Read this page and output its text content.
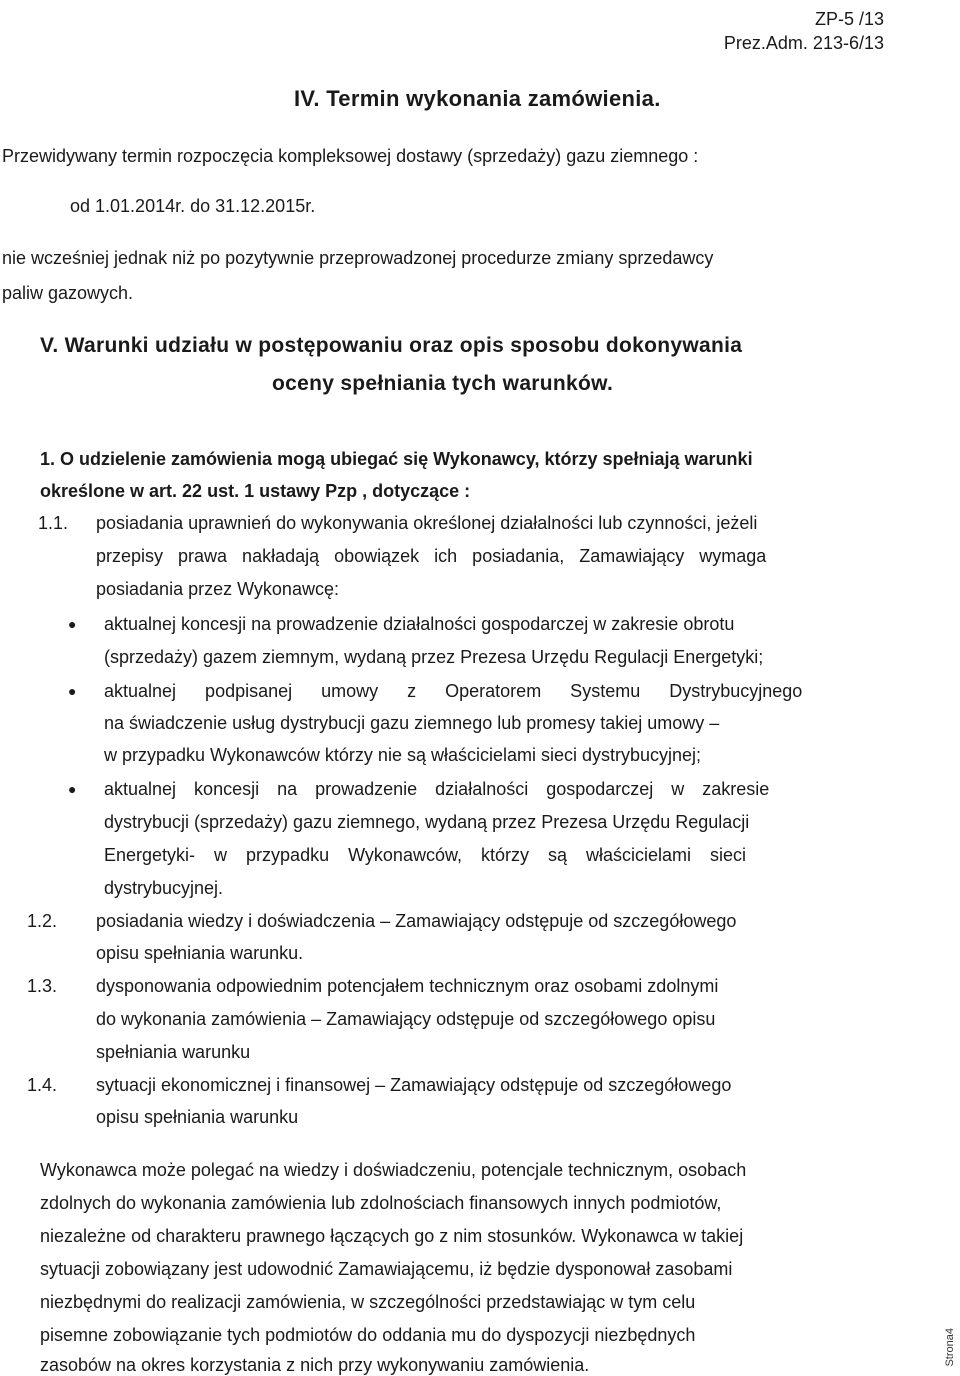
ZP-5 /13
Prez.Adm. 213-6/13
IV. Termin wykonania zamówienia.
Przewidywany termin rozpoczęcia kompleksowej dostawy (sprzedaży) gazu ziemnego :
od 1.01.2014r. do 31.12.2015r.
nie wcześniej jednak niż po pozytywnie przeprowadzonej procedurze zmiany sprzedawcy
paliw gazowych.
V. Warunki udziału w postępowaniu oraz opis sposobu dokonywania
oceny spełniania tych warunków.
1. O udzielenie zamówienia mogą ubiegać się Wykonawcy, którzy spełniają warunki
określone w art. 22 ust. 1 ustawy Pzp , dotyczące :
1.1. posiadania uprawnień do wykonywania określonej działalności lub czynności, jeżeli
przepisy prawa nakładają obowiązek ich posiadania, Zamawiający wymaga
posiadania przez Wykonawcę:
● aktualnej koncesji na prowadzenie działalności gospodarczej w zakresie obrotu
(sprzedaży) gazem ziemnym, wydaną przez Prezesa Urzędu Regulacji Energetyki;
● aktualnej podpisanej umowy z Operatorem Systemu Dystrybucyjnego
na świadczenie usług dystrybucji gazu ziemnego lub promesy takiej umowy –
w przypadku Wykonawców którzy nie są właścicielami sieci dystrybucyjnej;
● aktualnej koncesji na prowadzenie działalności gospodarczej w zakresie
dystrybucji (sprzedaży) gazu ziemnego, wydaną przez Prezesa Urzędu Regulacji
Energetyki- w przypadku Wykonawców, którzy są właścicielami sieci
dystrybucyjnej.
1.2. posiadania wiedzy i doświadczenia – Zamawiający odstępuje od szczegółowego
opisu spełniania warunku.
1.3. dysponowania odpowiednim potencjałem technicznym oraz osobami zdolnymi
do wykonania zamówienia – Zamawiający odstępuje od szczegółowego opisu
spełniania warunku
1.4. sytuacji ekonomicznej i finansowej – Zamawiający odstępuje od szczegółowego
opisu spełniania warunku
Wykonawca może polegać na wiedzy i doświadczeniu, potencjale technicznym, osobach
zdolnych do wykonania zamówienia lub zdolnościach finansowych innych podmiotów,
niezależne od charakteru prawnego łączących go z nim stosunków. Wykonawca w takiej
sytuacji zobowiązany jest udowodnić Zamawiającemu, iż będzie dysponował zasobami
niezbędnymi do realizacji zamówienia, w szczególności przedstawiając w tym celu
pisemne zobowiązanie tych podmiotów do oddania mu do dyspozycji niezbędnych
zasobów na okres korzystania z nich przy wykonywaniu zamówienia.	Strona4
